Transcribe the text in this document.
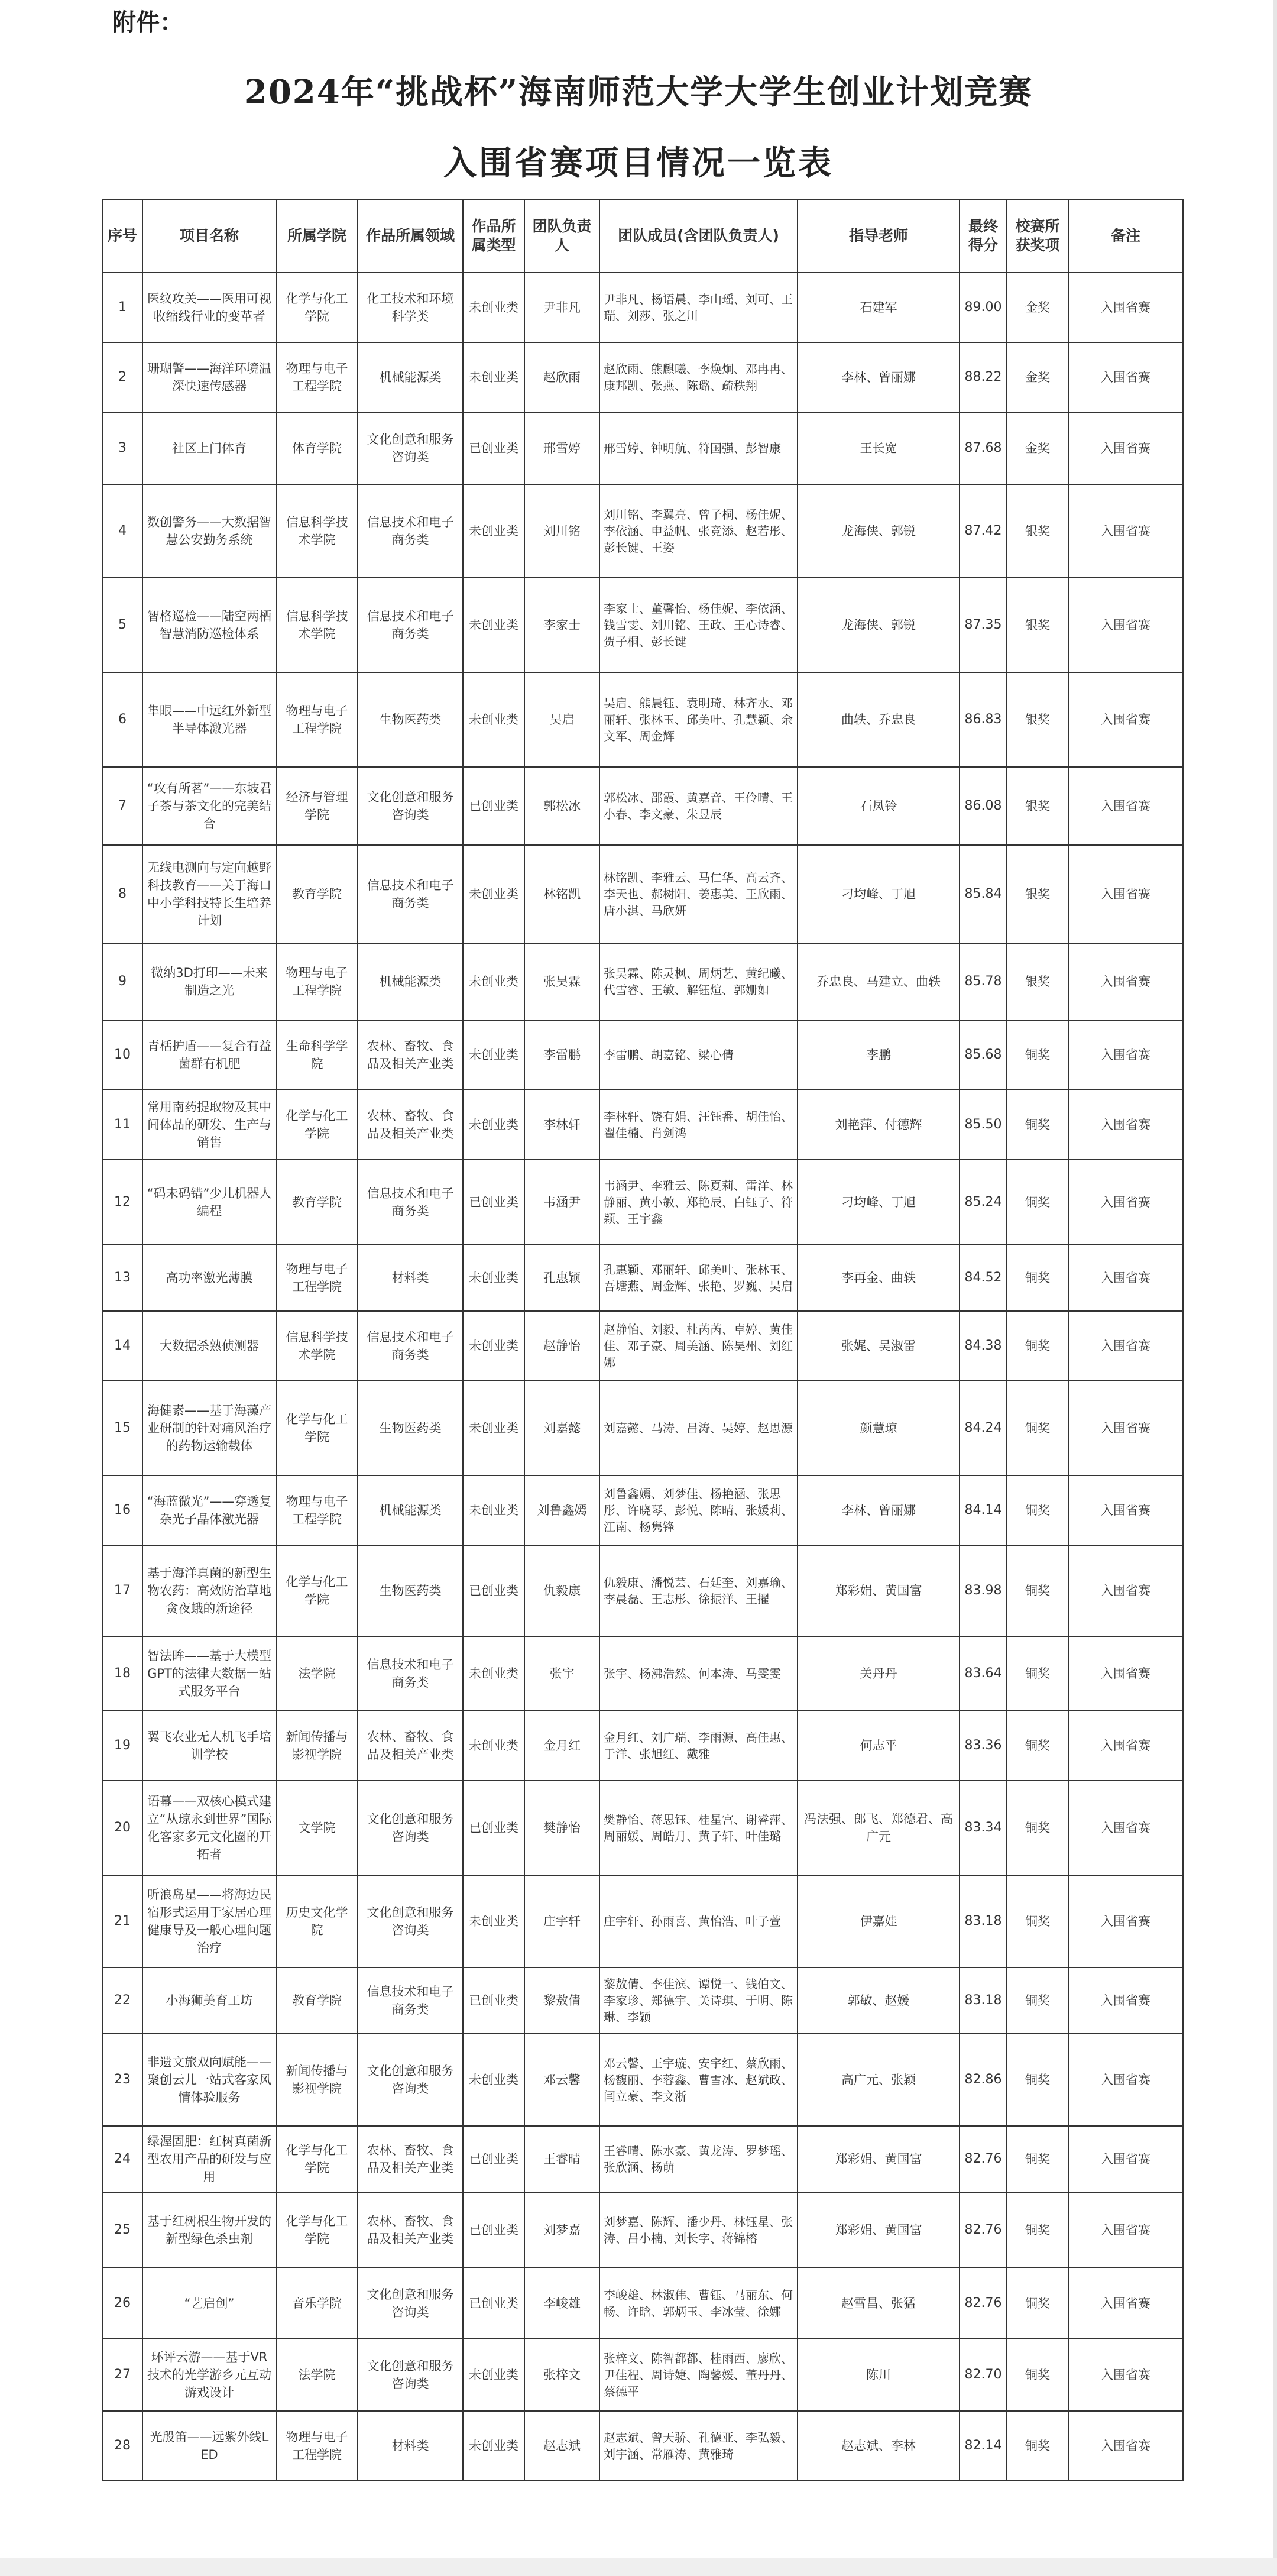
附件：
2024年“挑战杯”海南师范大学大学生创业计划竞赛
入围省赛项目情况一览表
序号	项目名称	所属学院	作品所属领域	作品所属类型	团队负责人	团队成员(含团队负责人)	指导老师	最终得分	校赛所获奖项	备注
1	医纹攻关——医用可视收缩线行业的变革者	化学与化工学院	化工技术和环境科学类	未创业类	尹非凡	尹非凡、杨语晨、李山瑶、刘可、王瑞、刘莎、张之川	石建军	89.00	金奖	入围省赛
2	珊瑚警——海洋环境温深快速传感器	物理与电子工程学院	机械能源类	未创业类	赵欣雨	赵欣雨、熊麒曦、李焕炯、邓冉冉、康邦凯、张燕、陈璐、疏秩翔	李林、曾丽娜	88.22	金奖	入围省赛
3	社区上门体育	体育学院	文化创意和服务咨询类	已创业类	邢雪婷	邢雪婷、钟明航、符国强、彭智康	王长宽	87.68	金奖	入围省赛
4	数创警务——大数据智慧公安勤务系统	信息科学技术学院	信息技术和电子商务类	未创业类	刘川铭	刘川铭、李翼亮、曾子桐、杨佳妮、李依涵、申益帆、张竞添、赵若彤、彭长键、王姿	龙海侠、郭锐	87.42	银奖	入围省赛
5	智格巡检——陆空两栖智慧消防巡检体系	信息科学技术学院	信息技术和电子商务类	未创业类	李家士	李家士、董馨怡、杨佳妮、李依涵、钱雪雯、刘川铭、王政、王心诗睿、贺子桐、彭长键	龙海侠、郭锐	87.35	银奖	入围省赛
6	隼眼——中远红外新型半导体激光器	物理与电子工程学院	生物医药类	未创业类	吴启	吴启、熊晨钰、袁明琦、林齐水、邓丽轩、张林玉、邱美叶、孔慧颖、余文军、周金辉	曲轶、乔忠良	86.83	银奖	入围省赛
7	“攻有所茗”——东坡君子茶与茶文化的完美结合	经济与管理学院	文化创意和服务咨询类	已创业类	郭松冰	郭松冰、邵霞、黄嘉音、王伶晴、王小春、李文豪、朱昱辰	石凤铃	86.08	银奖	入围省赛
8	无线电测向与定向越野科技教育——关于海口中小学科技特长生培养计划	教育学院	信息技术和电子商务类	未创业类	林铭凯	林铭凯、李雅云、马仁华、高云齐、李天也、郝树阳、姜惠美、王欣雨、唐小淇、马欣妍	刁均峰、丁旭	85.84	银奖	入围省赛
9	微纳3D打印——未来制造之光	物理与电子工程学院	机械能源类	未创业类	张昊霖	张昊霖、陈灵枫、周炳艺、黄纪曦、代雪睿、王敏、解钰煊、郭姗如	乔忠良、马建立、曲轶	85.78	银奖	入围省赛
10	青栝护盾——复合有益菌群有机肥	生命科学学院	农林、畜牧、食品及相关产业类	未创业类	李雷鹏	李雷鹏、胡嘉铭、梁心倩	李鹏	85.68	铜奖	入围省赛
11	常用南药提取物及其中间体品的研发、生产与销售	化学与化工学院	农林、畜牧、食品及相关产业类	未创业类	李林轩	李林轩、饶有娟、汪钰番、胡佳怡、翟佳楠、肖剑鸿	刘艳萍、付德辉	85.50	铜奖	入围省赛
12	“码未码错”少儿机器人编程	教育学院	信息技术和电子商务类	已创业类	韦涵尹	韦涵尹、李雅云、陈夏莉、雷洋、林静丽、黄小敏、郑艳辰、白钰子、符颖、王宇鑫	刁均峰、丁旭	85.24	铜奖	入围省赛
13	高功率激光薄膜	物理与电子工程学院	材料类	未创业类	孔惠颖	孔惠颖、邓丽轩、邱美叶、张林玉、吾塘燕、周金辉、张艳、罗巍、吴启	李再金、曲轶	84.52	铜奖	入围省赛
14	大数据杀熟侦测器	信息科学技术学院	信息技术和电子商务类	未创业类	赵静怡	赵静怡、刘毅、杜芮芮、卓婷、黄佳佳、邓子豪、周美涵、陈昊州、刘红娜	张娓、吴淑雷	84.38	铜奖	入围省赛
15	海健素——基于海藻产业研制的针对痛风治疗的药物运输载体	化学与化工学院	生物医药类	未创业类	刘嘉懿	刘嘉懿、马涛、吕涛、吴婷、赵思源	颜慧琼	84.24	铜奖	入围省赛
16	“海蓝微光”——穿透复杂光子晶体激光器	物理与电子工程学院	机械能源类	未创业类	刘鲁鑫嫣	刘鲁鑫嫣、刘梦佳、杨艳涵、张思彤、许晓琴、彭悦、陈晴、张媛莉、江南、杨隽锋	李林、曾丽娜	84.14	铜奖	入围省赛
17	基于海洋真菌的新型生物农药：高效防治草地贪夜蛾的新途径	化学与化工学院	生物医药类	已创业类	仇毅康	仇毅康、潘悦芸、石廷奎、刘嘉瑜、李晨磊、王志彤、徐振洋、王擢	郑彩娟、黄国富	83.98	铜奖	入围省赛
18	智法眸——基于大模型GPT的法律大数据一站式服务平台	法学院	信息技术和电子商务类	未创业类	张宇	张宇、杨沸浩然、何本涛、马雯雯	关丹丹	83.64	铜奖	入围省赛
19	翼飞农业无人机飞手培训学校	新闻传播与影视学院	农林、畜牧、食品及相关产业类	未创业类	金月红	金月红、刘广瑞、李雨源、高佳惠、于洋、张旭红、戴雅	何志平	83.36	铜奖	入围省赛
20	语幕——双核心模式建立“从琼永到世界”国际化客家多元文化圈的开拓者	文学院	文化创意和服务咨询类	已创业类	樊静怡	樊静怡、蒋思钰、桂星宫、谢睿萍、周丽媛、周皓月、黄子轩、叶佳璐	冯法强、郎飞、郑德君、高广元	83.34	铜奖	入围省赛
21	听浪岛星——将海边民宿形式运用于家居心理健康导及一般心理问题治疗	历史文化学院	文化创意和服务咨询类	未创业类	庄宇轩	庄宇轩、孙雨喜、黄怡浩、叶子萱	伊嘉娃	83.18	铜奖	入围省赛
22	小海狮美育工坊	教育学院	信息技术和电子商务类	已创业类	黎敖倩	黎敖倩、李佳滨、谭悦一、钱伯文、李家珍、郑德宇、关诗琪、于明、陈琳、李颖	郭敏、赵媛	83.18	铜奖	入围省赛
23	非遗文旅双向赋能——聚创云儿一站式客家风情体验服务	新闻传播与影视学院	文化创意和服务咨询类	未创业类	邓云馨	邓云馨、王宇璇、安宇红、蔡欣雨、杨馥丽、李蓉鑫、曹雪冰、赵斌政、闫立豪、李文浙	高广元、张颖	82.86	铜奖	入围省赛
24	绿渥固肥：红树真菌新型农用产品的研发与应用	化学与化工学院	农林、畜牧、食品及相关产业类	已创业类	王睿晴	王睿晴、陈水豪、黄龙涛、罗梦瑶、张欣涵、杨萌	郑彩娟、黄国富	82.76	铜奖	入围省赛
25	基于红树根生物开发的新型绿色杀虫剂	化学与化工学院	农林、畜牧、食品及相关产业类	已创业类	刘梦嘉	刘梦嘉、陈辉、潘少丹、林钰星、张涛、吕小楠、刘长字、蒋锦榕	郑彩娟、黄国富	82.76	铜奖	入围省赛
26	“艺启创”	音乐学院	文化创意和服务咨询类	已创业类	李峻雄	李峻雄、林淑伟、曹钰、马丽东、何畅、许晗、郭炳玉、李冰莹、徐娜	赵雪昌、张猛	82.76	铜奖	入围省赛
27	环评云游——基于VR技术的光学游乡元互动游戏设计	法学院	文化创意和服务咨询类	未创业类	张梓文	张梓文、陈智都都、桂雨西、廖欣、尹佳程、周诗婕、陶馨媛、董丹丹、蔡德平	陈川	82.70	铜奖	入围省赛
28	光殷笛——远紫外线LED	物理与电子工程学院	材料类	未创业类	赵志斌	赵志斌、曾天骄、孔德亚、李弘毅、刘宇涵、常雁涛、黄雅琦	赵志斌、李林	82.14	铜奖	入围省赛
